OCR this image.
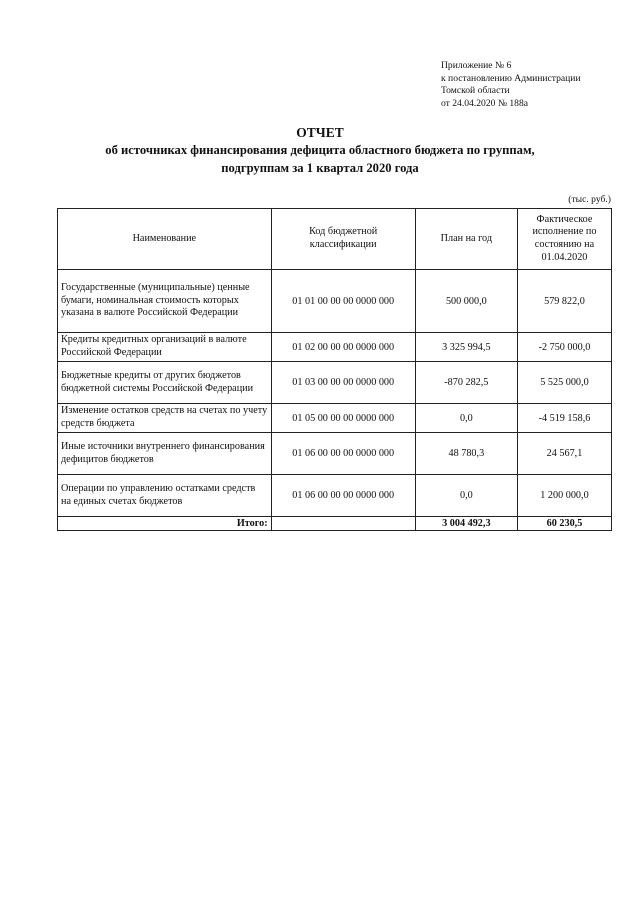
Приложение № 6
к постановлению Администрации
Томской области
от 24.04.2020 № 188а
ОТЧЕТ
об источниках финансирования дефицита областного бюджета по группам,
подгруппам за 1 квартал 2020 года
(тыс. руб.)
Наименование	Код бюджетной классификации	План на год	Фактическое исполнение по состоянию на 01.04.2020
Государственные (муниципальные) ценные бумаги, номинальная стоимость которых указана в валюте Российской Федерации	01 01 00 00 00 0000 000	500 000,0	579 822,0
Кредиты кредитных организаций в валюте Российской Федерации	01 02 00 00 00 0000 000	3 325 994,5	-2 750 000,0
Бюджетные кредиты от других бюджетов бюджетной системы Российской Федерации	01 03 00 00 00 0000 000	-870 282,5	5 525 000,0
Изменение остатков средств на счетах по учету средств бюджета	01 05 00 00 00 0000 000	0,0	-4 519 158,6
Иные источники внутреннего финансирования дефицитов бюджетов	01 06 00 00 00 0000 000	48 780,3	24 567,1
Операции по управлению остатками средств на единых счетах бюджетов	01 06 00 00 00 0000 000	0,0	1 200 000,0
Итого:		3 004 492,3	60 230,5
